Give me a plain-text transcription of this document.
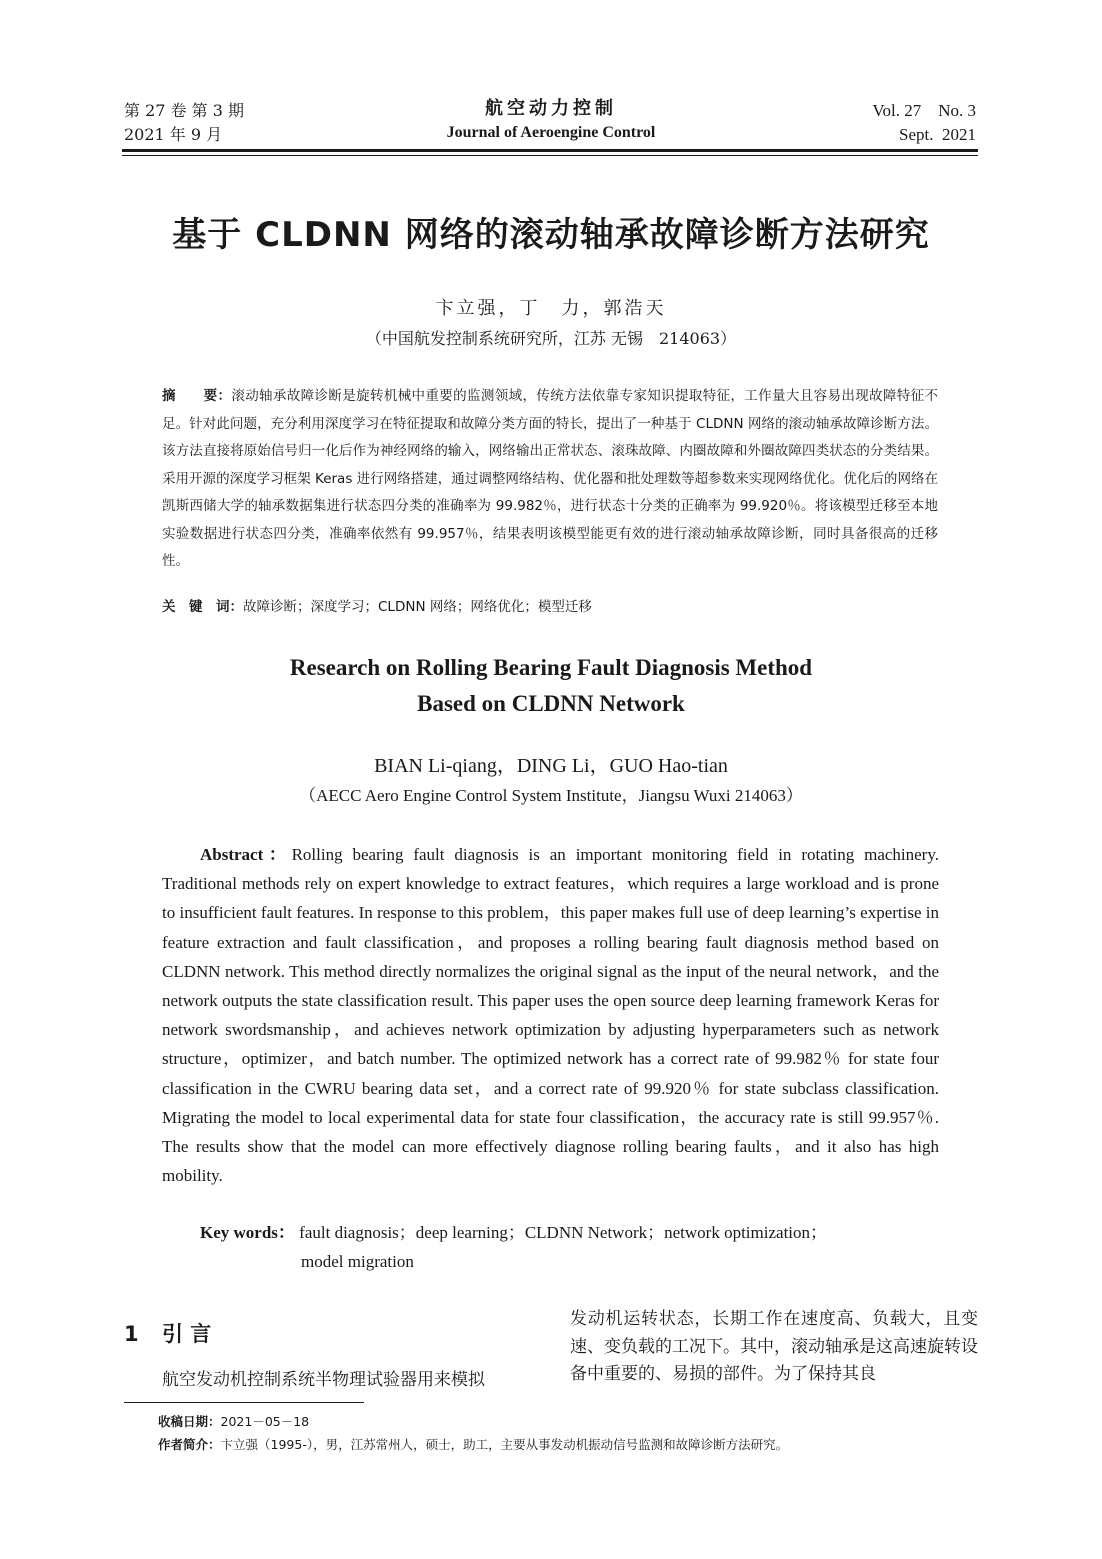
第 27 卷 第 3 期
2021 年 9 月
航空动力控制
Journal of Aeroengine Control
Vol. 27    No. 3
Sept.  2021
基于 CLDNN 网络的滚动轴承故障诊断方法研究
卞立强，丁　力，郭浩天
（中国航发控制系统研究所，江苏 无锡　214063）
摘　　要：滚动轴承故障诊断是旋转机械中重要的监测领域，传统方法依靠专家知识提取特征，工作量大且容易出现故障特征不足。针对此问题，充分利用深度学习在特征提取和故障分类方面的特长，提出了一种基于 CLDNN 网络的滚动轴承故障诊断方法。该方法直接将原始信号归一化后作为神经网络的输入，网络输出正常状态、滚珠故障、内圈故障和外圈故障四类状态的分类结果。采用开源的深度学习框架 Keras 进行网络搭建，通过调整网络结构、优化器和批处理数等超参数来实现网络优化。优化后的网络在凯斯西储大学的轴承数据集进行状态四分类的准确率为 99.982％，进行状态十分类的正确率为 99.920％。将该模型迁移至本地实验数据进行状态四分类，准确率依然有 99.957％，结果表明该模型能更有效的进行滚动轴承故障诊断，同时具备很高的迁移性。
关　键　词：故障诊断；深度学习；CLDNN 网络；网络优化；模型迁移
Research on Rolling Bearing Fault Diagnosis Method
Based on CLDNN Network
BIAN Li-qiang，DING Li，GUO Hao-tian
（AECC Aero Engine Control System Institute，Jiangsu Wuxi 214063）
Abstract：Rolling bearing fault diagnosis is an important monitoring field in rotating machinery. Traditional methods rely on expert knowledge to extract features，which requires a large workload and is prone to insufficient fault features. In response to this problem，this paper makes full use of deep learning’s expertise in feature extraction and fault classification，and proposes a rolling bearing fault diagnosis method based on CLDNN network. This method directly normalizes the original signal as the input of the neural network，and the network outputs the state classification result. This paper uses the open source deep learning framework Keras for network swordsmanship，and achieves network optimization by adjusting hyperparameters such as network structure，optimizer，and batch number. The optimized network has a correct rate of 99.982％ for state four classification in the CWRU bearing data set，and a correct rate of 99.920％ for state subclass classification. Migrating the model to local experimental data for state four classification，the accuracy rate is still 99.957％. The results show that the model can more effectively diagnose rolling bearing faults，and it also has high mobility.
Key words： fault diagnosis；deep learning；CLDNN Network；network optimization；
model migration
1 引 言
航空发动机控制系统半物理试验器用来模拟
发动机运转状态，长期工作在速度高、负载大，且变速、变负载的工况下。其中，滚动轴承是这高速旋转设备中重要的、易损的部件。为了保持其良
收稿日期：2021－05－18
作者简介：卞立强（1995-），男，江苏常州人，硕士，助工，主要从事发动机振动信号监测和故障诊断方法研究。
